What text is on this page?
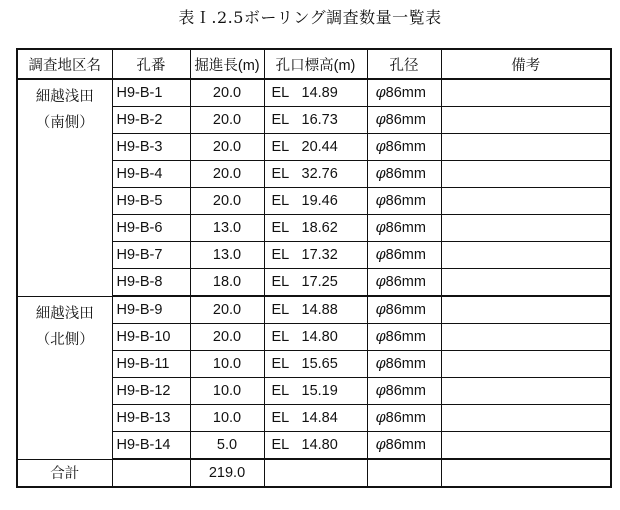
表Ｉ.2.5ボーリング調査数量一覧表
調査地区名	孔番	掘進長(m)	孔口標高(m)	孔径	備考

細越浅田
（南側）	H9-B-1	20.0	EL 14.89	φ86mm	
	H9-B-2	20.0	EL 16.73	φ86mm	
	H9-B-3	20.0	EL 20.44	φ86mm	
	H9-B-4	20.0	EL 32.76	φ86mm	
	H9-B-5	20.0	EL 19.46	φ86mm	
	H9-B-6	13.0	EL 18.62	φ86mm	
	H9-B-7	13.0	EL 17.32	φ86mm	
	H9-B-8	18.0	EL 17.25	φ86mm	

細越浅田
（北側）	H9-B-9	20.0	EL 14.88	φ86mm	
	H9-B-10	20.0	EL 14.80	φ86mm	
	H9-B-11	10.0	EL 15.65	φ86mm	
	H9-B-12	10.0	EL 15.19	φ86mm	
	H9-B-13	10.0	EL 14.84	φ86mm	
	H9-B-14	5.0	EL 14.80	φ86mm	
合計		219.0			
